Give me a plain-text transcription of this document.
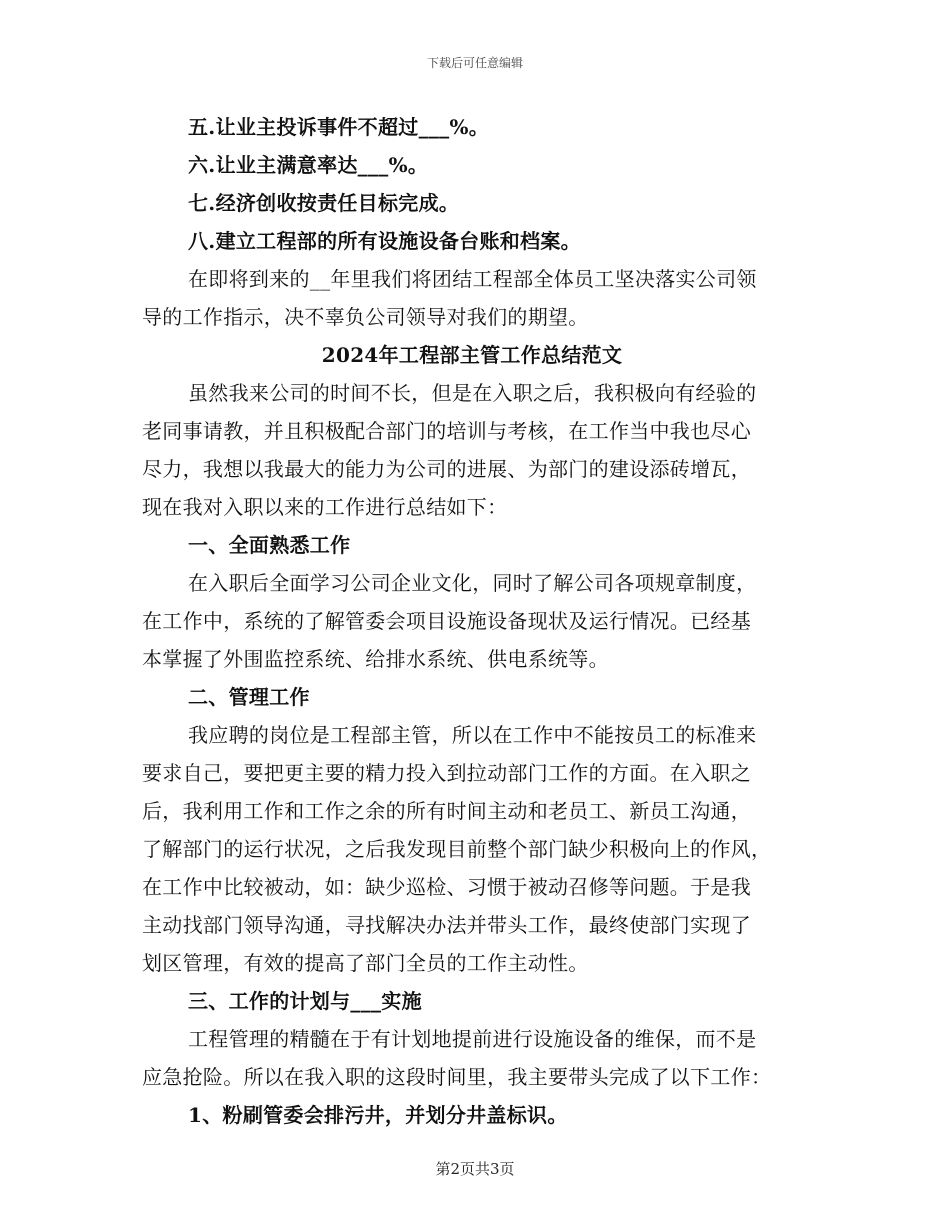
下载后可任意编辑
五.让业主投诉事件不超过___%。
六.让业主满意率达___%。
七.经济创收按责任目标完成。
八.建立工程部的所有设施设备台账和档案。
在即将到来的__年里我们将团结工程部全体员工坚决落实公司领
导的工作指示，决不辜负公司领导对我们的期望。
2024年工程部主管工作总结范文
虽然我来公司的时间不长，但是在入职之后，我积极向有经验的
老同事请教，并且积极配合部门的培训与考核，在工作当中我也尽心
尽力，我想以我最大的能力为公司的进展、为部门的建设添砖增瓦，
现在我对入职以来的工作进行总结如下：
一、全面熟悉工作
在入职后全面学习公司企业文化，同时了解公司各项规章制度，
在工作中，系统的了解管委会项目设施设备现状及运行情况。已经基
本掌握了外围监控系统、给排水系统、供电系统等。
二、管理工作
我应聘的岗位是工程部主管，所以在工作中不能按员工的标准来
要求自己，要把更主要的精力投入到拉动部门工作的方面。在入职之
后，我利用工作和工作之余的所有时间主动和老员工、新员工沟通，
了解部门的运行状况，之后我发现目前整个部门缺少积极向上的作风，
在工作中比较被动，如：缺少巡检、习惯于被动召修等问题。于是我
主动找部门领导沟通，寻找解决办法并带头工作，最终使部门实现了
划区管理，有效的提高了部门全员的工作主动性。
三、工作的计划与___实施
工程管理的精髓在于有计划地提前进行设施设备的维保，而不是
应急抢险。所以在我入职的这段时间里，我主要带头完成了以下工作：
1、粉刷管委会排污井，并划分井盖标识。
第2页共3页
